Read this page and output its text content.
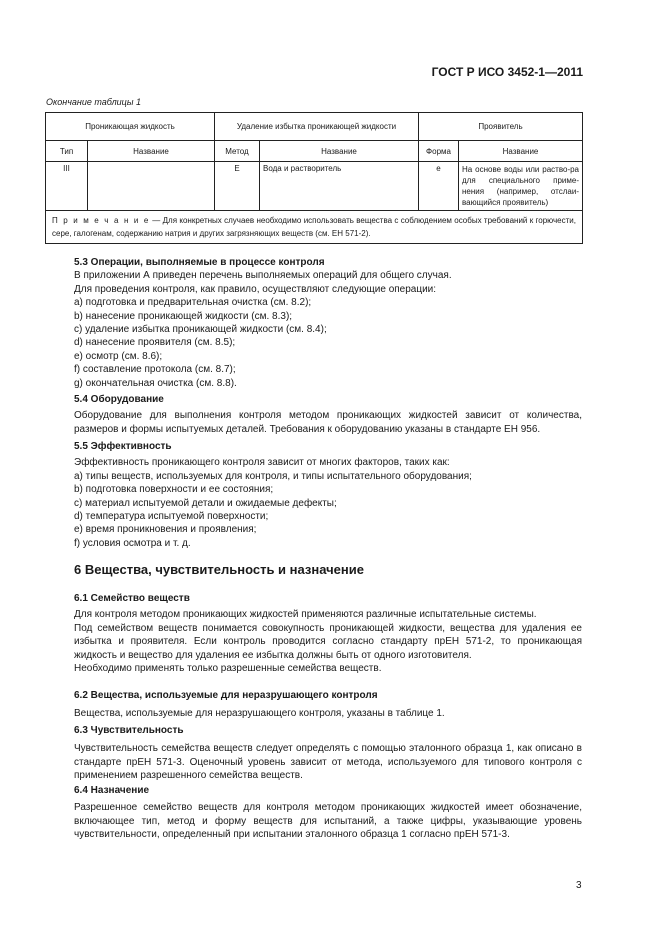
ГОСТ Р ИСО 3452-1—2011
Окончание таблицы 1
Проникающая жидкость		Удаление избытка проникающей жидкости		Проявитель	
Тип	Название	Метод	Название	Форма	Название
III		E	Вода и растворитель	e	На основе воды или раство-ра для специального приме-нения (например, отслаи-вающийся проявитель)
П р и м е ч а н и е — Для конкретных случаев необходимо использовать вещества с соблюдением особых требований к горючести, сере, галогенам, содержанию натрия и других загрязняющих веществ (см. EH 571-2).					

5.3 Операции, выполняемые в процессе контроля

В приложении А приведен перечень выполняемых операций для общего случая.

Для проведения контроля, как правило, осуществляют следующие операции:

a) подготовка и предварительная очистка (см. 8.2);

b) нанесение проникающей жидкости (см. 8.3);

c) удаление избытка проникающей жидкости (см. 8.4);

d) нанесение проявителя (см. 8.5);

e) осмотр (см. 8.6);

f) составление протокола (см. 8.7);

g) окончательная очистка (см. 8.8).

5.4 Оборудование

Оборудование для выполнения контроля методом проникающих жидкостей зависит от количества, размеров и формы испытуемых деталей. Требования к оборудованию указаны в стандарте EH 956.

5.5 Эффективность

Эффективность проникающего контроля зависит от многих факторов, таких как:

a) типы веществ, используемых для контроля, и типы испытательного оборудования;

b) подготовка поверхности и ее состояния;

c) материал испытуемой детали и ожидаемые дефекты;

d) температура испытуемой поверхности;

e) время проникновения и проявления;

f) условия осмотра и т. д.

6 Вещества, чувствительность и назначение

6.1 Семейство веществ

Для контроля методом проникающих жидкостей применяются различные испытательные системы.

Под семейством веществ понимается совокупность проникающей жидкости, вещества для удаления ее избытка и проявителя. Если контроль проводится согласно стандарту прEH 571-2, то проникающая жидкость и вещество для удаления ее избытка должны быть от одного изготовителя.

Необходимо применять только разрешенные семейства веществ.

6.2 Вещества, используемые для неразрушающего контроля

Вещества, используемые для неразрушающего контроля, указаны в таблице 1.

6.3 Чувствительность

Чувствительность семейства веществ следует определять с помощью эталонного образца 1, как описано в стандарте прEH 571-3. Оценочный уровень зависит от метода, используемого для типового контроля с применением разрешенного семейства веществ.

6.4 Назначение

Разрешенное семейство веществ для контроля методом проникающих жидкостей имеет обозначение, включающее тип, метод и форму веществ для испытаний, а также цифры, указывающие уровень чувствительности, определенный при испытании эталонного образца 1 согласно прEH 571-3.

3
